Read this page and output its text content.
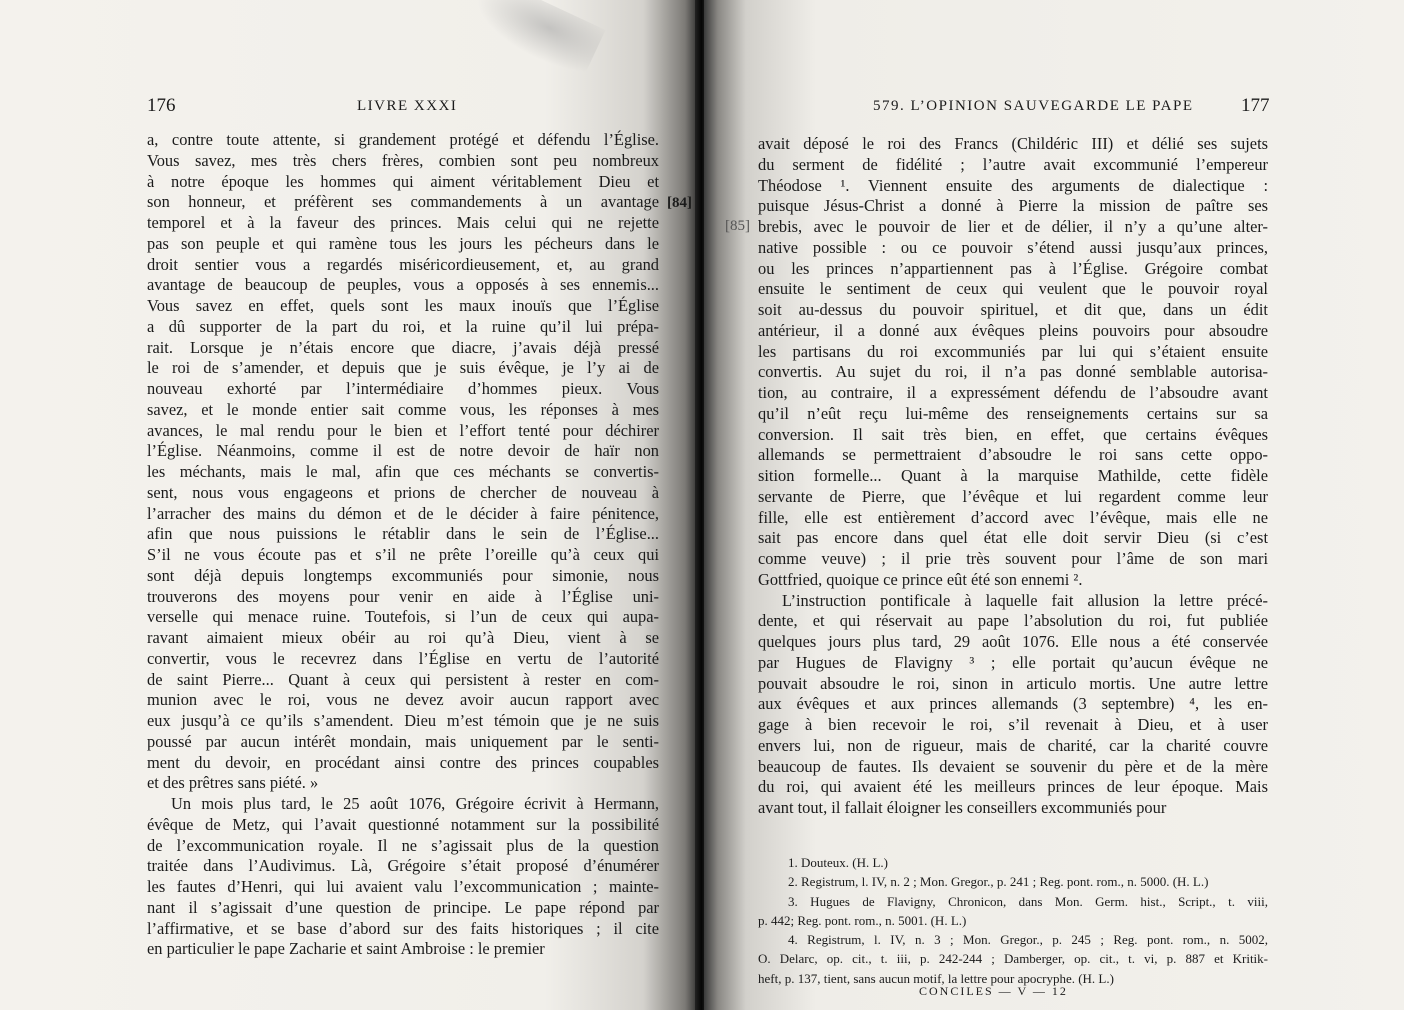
176	LIVRE XXXI
a, contre toute attente, si grandement protégé et défendu l’Église.
Vous savez, mes très chers frères, combien sont peu nombreux
à notre époque les hommes qui aiment véritablement Dieu et
son honneur, et préfèrent ses commandements à un avantage
temporel et à la faveur des princes. Mais celui qui ne rejette
pas son peuple et qui ramène tous les jours les pécheurs dans le
droit sentier vous a regardés miséricordieusement, et, au grand
avantage de beaucoup de peuples, vous a opposés à ses ennemis...
Vous savez en effet, quels sont les maux inouïs que l’Église
a dû supporter de la part du roi, et la ruine qu’il lui prépa-
rait. Lorsque je n’étais encore que diacre, j’avais déjà pressé
le roi de s’amender, et depuis que je suis évêque, je l’y ai de
nouveau exhorté par l’intermédiaire d’hommes pieux. Vous
savez, et le monde entier sait comme vous, les réponses à mes
avances, le mal rendu pour le bien et l’effort tenté pour déchirer
l’Église. Néanmoins, comme il est de notre devoir de haïr non
les méchants, mais le mal, afin que ces méchants se convertis-
sent, nous vous engageons et prions de chercher de nouveau à
l’arracher des mains du démon et de le décider à faire pénitence,
afin que nous puissions le rétablir dans le sein de l’Église...
S’il ne vous écoute pas et s’il ne prête l’oreille qu’à ceux qui
sont déjà depuis longtemps excommuniés pour simonie, nous
trouverons des moyens pour venir en aide à l’Église uni-
verselle qui menace ruine. Toutefois, si l’un de ceux qui aupa-
ravant aimaient mieux obéir au roi qu’à Dieu, vient à se
convertir, vous le recevrez dans l’Église en vertu de l’autorité
de saint Pierre... Quant à ceux qui persistent à rester en com-
munion avec le roi, vous ne devez avoir aucun rapport avec
eux jusqu’à ce qu’ils s’amendent. Dieu m’est témoin que je ne suis
poussé par aucun intérêt mondain, mais uniquement par le senti-
ment du devoir, en procédant ainsi contre des princes coupables
et des prêtres sans piété. »
Un mois plus tard, le 25 août 1076, Grégoire écrivit à Hermann,
évêque de Metz, qui l’avait questionné notamment sur la possibilité
de l’excommunication royale. Il ne s’agissait plus de la question
traitée dans l’Audivimus. Là, Grégoire s’était proposé d’énumérer
les fautes d’Henri, qui lui avaient valu l’excommunication ; mainte-
nant il s’agissait d’une question de principe. Le pape répond par
l’affirmative, et se base d’abord sur des faits historiques ; il cite
en particulier le pape Zacharie et saint Ambroise : le premier
[84]
579. L’OPINION SAUVEGARDE LE PAPE	177
avait déposé le roi des Francs (Childéric III) et délié ses sujets
du serment de fidélité ; l’autre avait excommunié l’empereur
Théodose ¹. Viennent ensuite des arguments de dialectique :
puisque Jésus-Christ a donné à Pierre la mission de paître ses
brebis, avec le pouvoir de lier et de délier, il n’y a qu’une alter-
native possible : ou ce pouvoir s’étend aussi jusqu’aux princes,
ou les princes n’appartiennent pas à l’Église. Grégoire combat
ensuite le sentiment de ceux qui veulent que le pouvoir royal
soit au-dessus du pouvoir spirituel, et dit que, dans un édit
antérieur, il a donné aux évêques pleins pouvoirs pour absoudre
les partisans du roi excommuniés par lui qui s’étaient ensuite
convertis. Au sujet du roi, il n’a pas donné semblable autorisa-
tion, au contraire, il a expressément défendu de l’absoudre avant
qu’il n’eût reçu lui-même des renseignements certains sur sa
conversion. Il sait très bien, en effet, que certains évêques
allemands se permettraient d’absoudre le roi sans cette oppo-
sition formelle... Quant à la marquise Mathilde, cette fidèle
servante de Pierre, que l’évêque et lui regardent comme leur
fille, elle est entièrement d’accord avec l’évêque, mais elle ne
sait pas encore dans quel état elle doit servir Dieu (si c’est
comme veuve) ; il prie très souvent pour l’âme de son mari
Gottfried, quoique ce prince eût été son ennemi ².
L’instruction pontificale à laquelle fait allusion la lettre précé-
dente, et qui réservait au pape l’absolution du roi, fut publiée
quelques jours plus tard, 29 août 1076. Elle nous a été conservée
par Hugues de Flavigny ³ ; elle portait qu’aucun évêque ne
pouvait absoudre le roi, sinon in articulo mortis. Une autre lettre
aux évêques et aux princes allemands (3 septembre) ⁴, les en-
gage à bien recevoir le roi, s’il revenait à Dieu, et à user
envers lui, non de rigueur, mais de charité, car la charité couvre
beaucoup de fautes. Ils devaient se souvenir du père et de la mère
du roi, qui avaient été les meilleurs princes de leur époque. Mais
avant tout, il fallait éloigner les conseillers excommuniés pour
[85]
1. Douteux. (H. L.)
2. Registrum, l. IV, n. 2 ; Mon. Gregor., p. 241 ; Reg. pont. rom., n. 5000. (H. L.)
3. Hugues de Flavigny, Chronicon, dans Mon. Germ. hist., Script., t. viii,
p. 442; Reg. pont. rom., n. 5001. (H. L.)
4. Registrum, l. IV, n. 3 ; Mon. Gregor., p. 245 ; Reg. pont. rom., n. 5002,
O. Delarc, op. cit., t. iii, p. 242-244 ; Damberger, op. cit., t. vi, p. 887 et Kritik-
heft, p. 137, tient, sans aucun motif, la lettre pour apocryphe. (H. L.)
CONCILES — V — 12
